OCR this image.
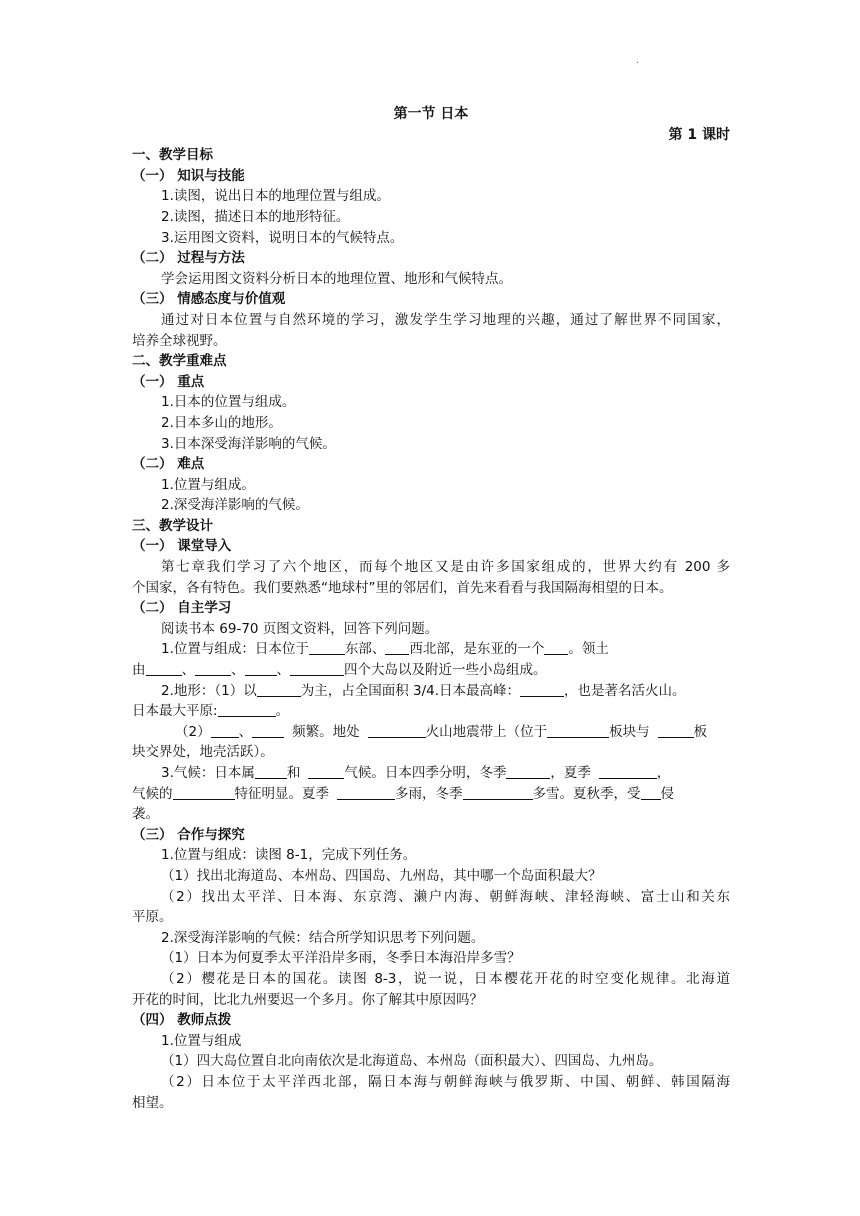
·
第一节 日本
第 1 课时
一、教学目标
（一） 知识与技能
1.读图，说出日本的地理位置与组成。
2.读图，描述日本的地形特征。
3.运用图文资料，说明日本的气候特点。
（二） 过程与方法
学会运用图文资料分析日本的地理位置、地形和气候特点。
（三） 情感态度与价值观
通过对日本位置与自然环境的学习，激发学生学习地理的兴趣，通过了解世界不同国家，
培养全球视野。
二、教学重难点
（一） 重点
1.日本的位置与组成。
2.日本多山的地形。
3.日本深受海洋影响的气候。
（二） 难点
1.位置与组成。
2.深受海洋影响的气候。
三、教学设计
（一） 课堂导入
第七章我们学习了六个地区，而每个地区又是由许多国家组成的，世界大约有 200 多
个国家，各有特色。我们要熟悉“地球村”里的邻居们，首先来看看与我国隔海相望的日本。
（二） 自主学习
阅读书本 69-70 页图文资料，回答下列问题。
1.位置与组成：日本位于	东部、 西北部，是东亚的一个 。领土
由	、	、 、	四个大岛以及附近一些小岛组成。
2.地形：（1）以	为主，占全国面积 3/4.日本最高峰：	，也是著名活火山。
日本最大平原:	。
（2） 、	频繁。地处	火山地震带上（位于	板块与	板
块交界处，地壳活跃）。
3.气候：日本属 和	气候。日本四季分明，冬季	，夏季	，
气候的	特征明显。夏季	多雨，冬季	多雪。夏秋季，受 侵
袭。
（三） 合作与探究
1.位置与组成：读图 8-1，完成下列任务。
（1）找出北海道岛、本州岛、四国岛、九州岛，其中哪一个岛面积最大？
（2）找出太平洋、日本海、东京湾、濑户内海、朝鲜海峡、津轻海峡、富士山和关东
平原。
2.深受海洋影响的气候：结合所学知识思考下列问题。
（1）日本为何夏季太平洋沿岸多雨，冬季日本海沿岸多雪？
（2）樱花是日本的国花。读图 8-3，说一说，日本樱花开花的时空变化规律。北海道
开花的时间，比北九州要迟一个多月。你了解其中原因吗？
（四） 教师点拨
1.位置与组成
（1）四大岛位置自北向南依次是北海道岛、本州岛（面积最大）、四国岛、九州岛。
（2）日本位于太平洋西北部，隔日本海与朝鲜海峡与俄罗斯、中国、朝鲜、韩国隔海
相望。
